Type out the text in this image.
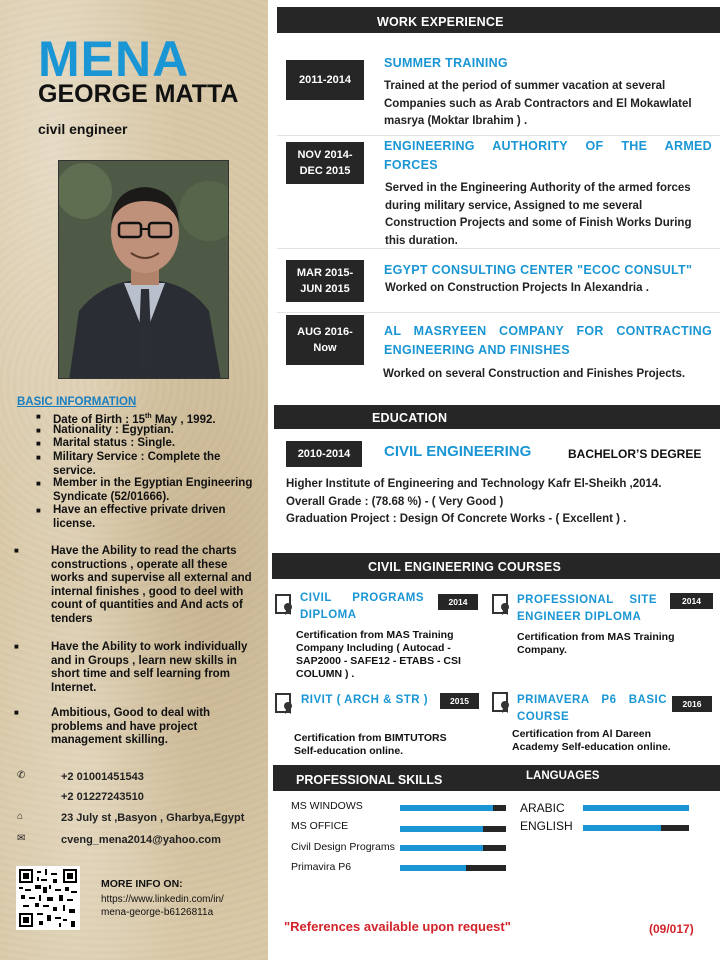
MENA
GEORGE MATTA
civil engineer
BASIC INFORMATION
■ Date of Birth : 15th May , 1992.
■ Nationality : Egyptian.
■ Marital status : Single.
■ Military Service : Complete the service.
■ Member in the Egyptian Engineering Syndicate (52/01666).
■ Have an effective private driven license.
■	Have the Ability to read the charts constructions , operate all these works and supervise all external and internal finishes , good to deel with count of quantities and And acts of tenders
■	Have the Ability to work individually and in Groups , learn new skills in short time and self learning from Internet.
■	Ambitious, Good to deal with problems and have project management skilling.
✆	+2 01001451543
+2 01227243510
⌂	23 July st ,Basyon , Gharbya,Egypt
✉	cveng_mena2014@yahoo.com
MORE INFO ON:
https://www.linkedin.com/in/
mena-george-b6126811a
WORK EXPERIENCE
2011-2014
SUMMER TRAINING
Trained at the period of summer vacation at several
Companies such as Arab Contractors and El Mokawlatel
masrya (Moktar Ibrahim ) .
NOV 2014-
DEC 2015
ENGINEERING AUTHORITY OF THE ARMED
FORCES
Served in the Engineering Authority of the armed forces
during military service, Assigned to me several
Construction Projects and some of Finish Works During
this duration.
MAR 2015-
JUN 2015
EGYPT CONSULTING CENTER "ECOC CONSULT"
Worked on Construction Projects In Alexandria .
AUG 2016-
Now
AL MASRYEEN COMPANY FOR CONTRACTING
ENGINEERING AND FINISHES
Worked on several Construction and Finishes Projects.
EDUCATION
2010-2014	CIVIL ENGINEERING	BACHELOR’S DEGREE
Higher Institute of Engineering and Technology Kafr El-Sheikh ,2014.
Overall Grade : (78.68 %) - ( Very Good )
Graduation Project : Design Of Concrete Works - ( Excellent ) .
CIVIL ENGINEERING COURSES
CIVIL PROGRAMS
DIPLOMA
2014
Certification from MAS Training
Company Including ( Autocad -
SAP2000 - SAFE12 - ETABS - CSI
COLUMN ) .
PROFESSIONAL SITE
ENGINEER DIPLOMA
2014
Certification from MAS Training
Company.
RIVIT ( ARCH & STR )	2015
Certification from BIMTUTORS
Self-education online.
PRIMAVERA P6 BASIC
COURSE
2016
Certification from Al Dareen
Academy Self-education online.
PROFESSIONAL SKILLS	LANGUAGES
MS WINDOWS
MS OFFICE
Civil Design Programs
Primavira P6
ARABIC
ENGLISH
"References available upon request"	(09/017)
